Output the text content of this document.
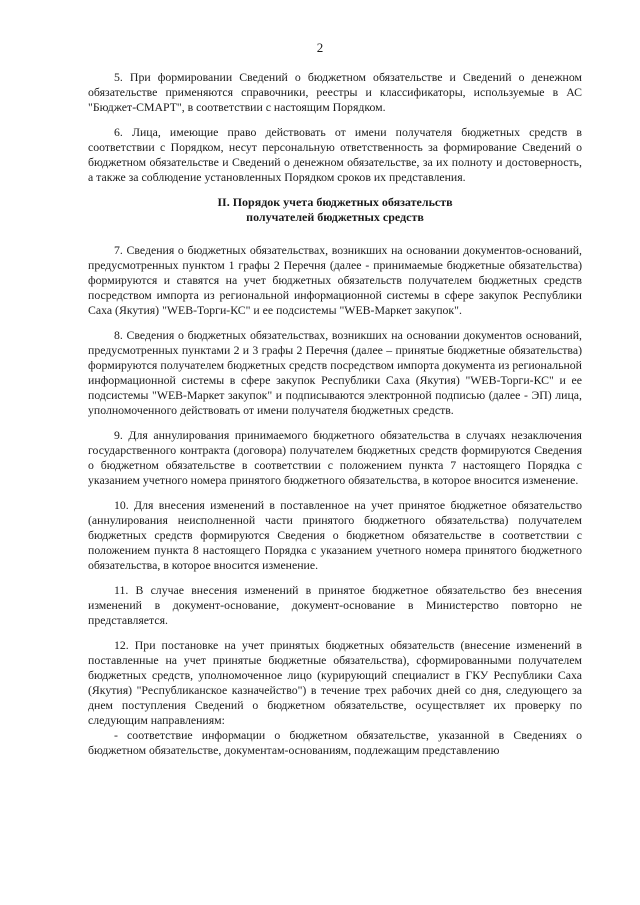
2

5. При формировании Сведений о бюджетном обязательстве и Сведений о денежном обязательстве применяются справочники, реестры и классификаторы, используемые в АС "Бюджет-СМАРТ", в соответствии с настоящим Порядком.

6. Лица, имеющие право действовать от имени получателя бюджетных средств в соответствии с Порядком, несут персональную ответственность за формирование Сведений о бюджетном обязательстве и Сведений о денежном обязательстве, за их полноту и достоверность, а также за соблюдение установленных Порядком сроков их представления.

II. Порядок учета бюджетных обязательств
получателей бюджетных средств

7. Сведения о бюджетных обязательствах, возникших на основании документов-оснований, предусмотренных пунктом 1 графы 2 Перечня (далее - принимаемые бюджетные обязательства) формируются и ставятся на учет бюджетных обязательств получателем бюджетных средств посредством импорта из региональной информационной системы в сфере закупок Республики Саха (Якутия) "WEB-Торги-КС" и ее подсистемы "WEB-Маркет закупок".

8. Сведения о бюджетных обязательствах, возникших на основании документов оснований, предусмотренных пунктами 2 и 3 графы 2 Перечня (далее – принятые бюджетные обязательства) формируются получателем бюджетных средств посредством импорта документа из региональной информационной системы в сфере закупок Республики Саха (Якутия) "WEB-Торги-КС" и ее подсистемы "WEB-Маркет закупок" и подписываются электронной подписью (далее - ЭП) лица, уполномоченного действовать от имени получателя бюджетных средств.

9. Для аннулирования принимаемого бюджетного обязательства в случаях незаключения государственного контракта (договора) получателем бюджетных средств формируются Сведения о бюджетном обязательстве в соответствии с положением пункта 7 настоящего Порядка с указанием учетного номера принятого бюджетного обязательства, в которое вносится изменение.

10. Для внесения изменений в поставленное на учет принятое бюджетное обязательство (аннулирования неисполненной части принятого бюджетного обязательства) получателем бюджетных средств формируются Сведения о бюджетном обязательстве в соответствии с положением пункта 8 настоящего Порядка с указанием учетного номера принятого бюджетного обязательства, в которое вносится изменение.

11. В случае внесения изменений в принятое бюджетное обязательство без внесения изменений в документ-основание, документ-основание в Министерство повторно не представляется.

12. При постановке на учет принятых бюджетных обязательств (внесение изменений в поставленные на учет принятые бюджетные обязательства), сформированными получателем бюджетных средств, уполномоченное лицо (курирующий специалист в ГКУ Республики Саха (Якутия) "Республиканское казначейство") в течение трех рабочих дней со дня, следующего за днем поступления Сведений о бюджетном обязательстве, осуществляет их проверку по следующим направлениям:

- соответствие информации о бюджетном обязательстве, указанной в Сведениях о бюджетном обязательстве, документам-основаниям, подлежащим представлению
